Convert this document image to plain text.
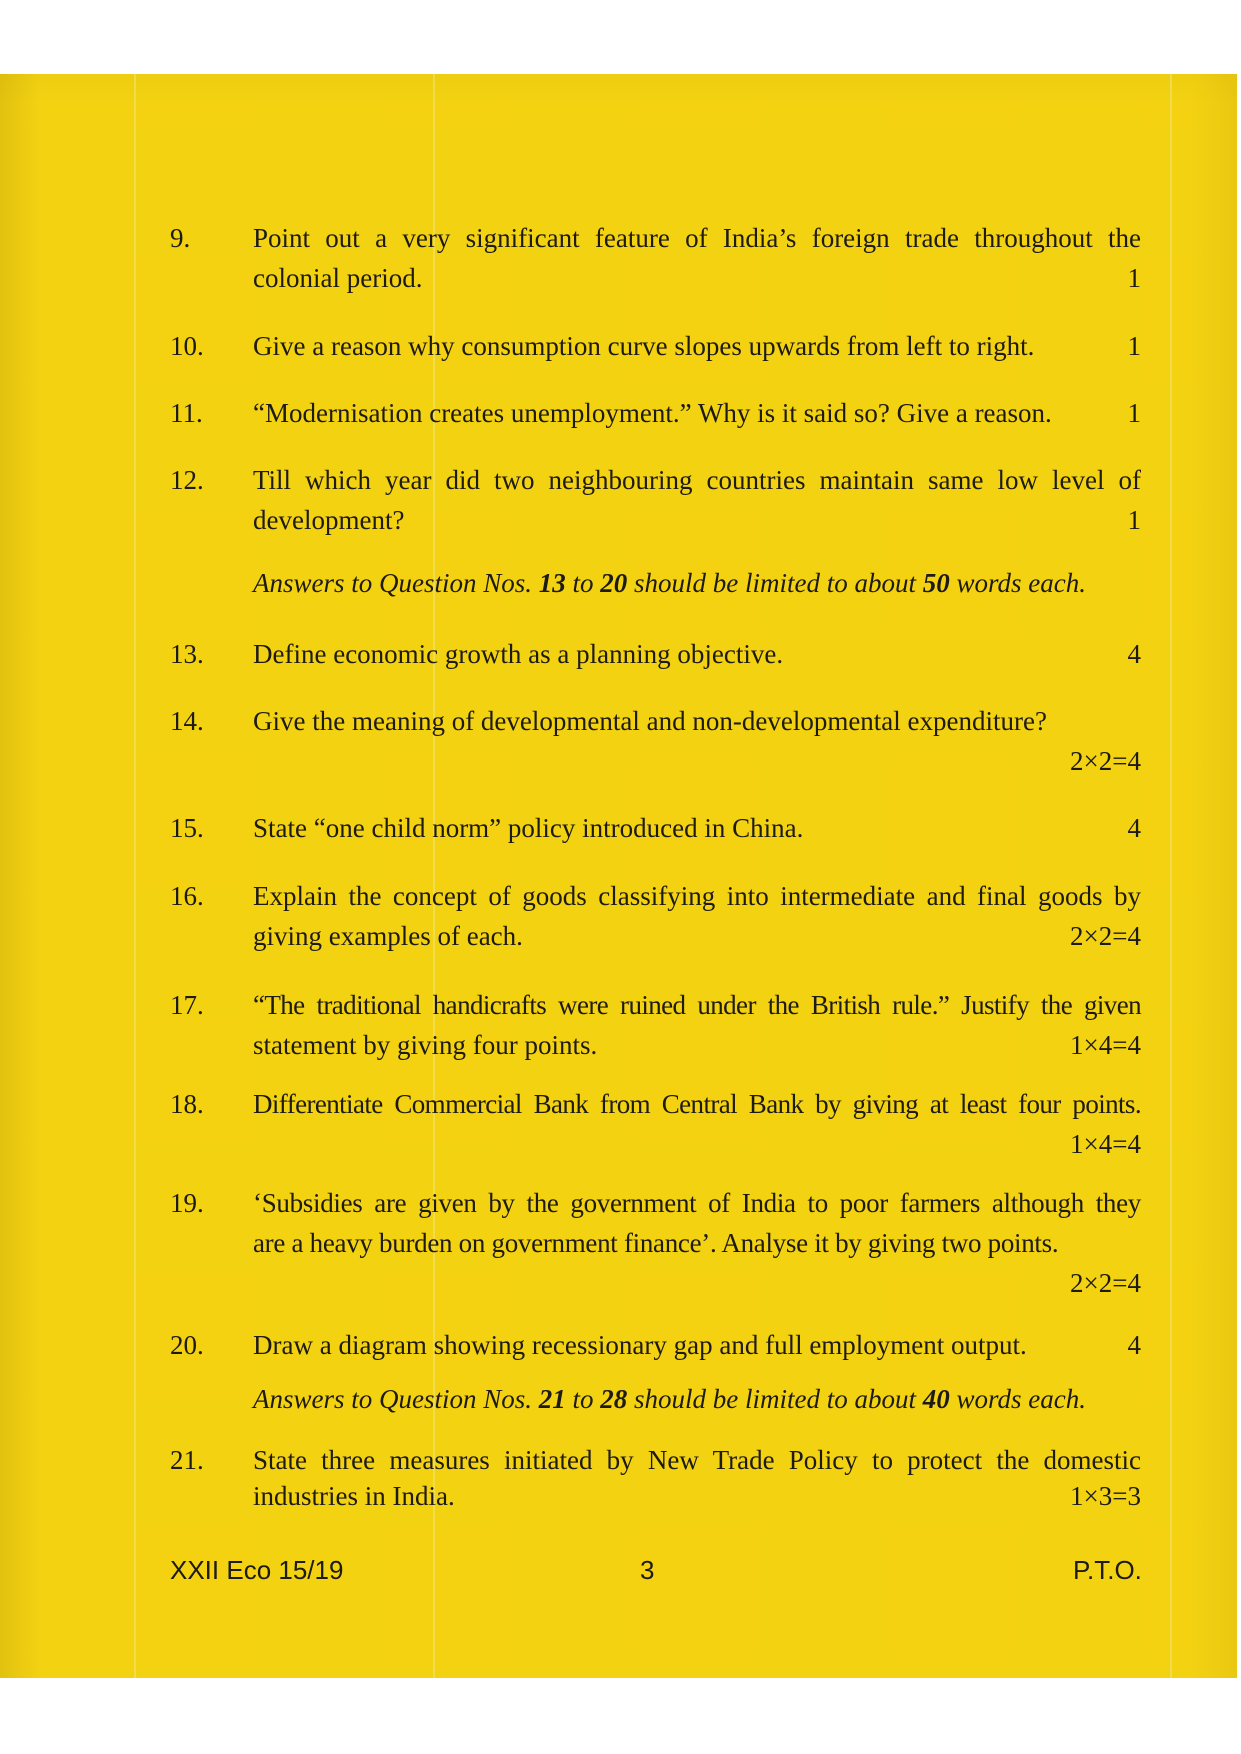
9. Point out a very significant feature of India’s foreign trade throughout the
colonial period.	1
10. Give a reason why consumption curve slopes upwards from left to right.	1
11. “Modernisation creates unemployment.” Why is it said so? Give a reason.	1
12. Till which year did two neighbouring countries maintain same low level of
development?	1
Answers to Question Nos. 13 to 20 should be limited to about 50 words each.
13. Define economic growth as a planning objective.	4
14. Give the meaning of developmental and non-developmental expenditure?
2×2=4
15. State “one child norm” policy introduced in China.	4
16. Explain the concept of goods classifying into intermediate and final goods by
giving examples of each.	2×2=4
17. “The traditional handicrafts were ruined under the British rule.” Justify the given
statement by giving four points.	1×4=4
18. Differentiate Commercial Bank from Central Bank by giving at least four points.
1×4=4
19. ‘Subsidies are given by the government of India to poor farmers although they
are a heavy burden on government finance’. Analyse it by giving two points.
2×2=4
20. Draw a diagram showing recessionary gap and full employment output.	4
Answers to Question Nos. 21 to 28 should be limited to about 40 words each.
21. State three measures initiated by New Trade Policy to protect the domestic
industries in India.	1×3=3
XXII Eco 15/19	3	P.T.O.
